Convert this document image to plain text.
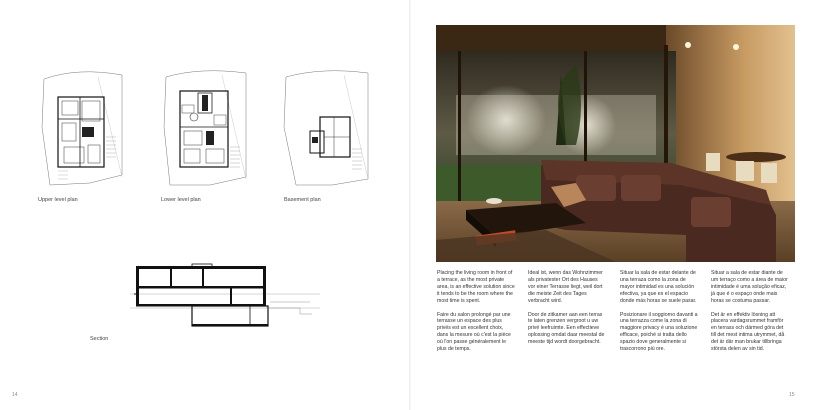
Upper level plan	Lower level plan	Basement plan
Section

Placing the living room in front of a terrace, as the most private area, is an effective solution since it tends to be the room where the most time is spent.

Faire du salon prolongé par une terrasse un espace des plus privés est un excellent choix, dans la mesure où c'est la pièce où l'on passe généralement le plus de temps.

Ideal ist, wenn das Wohnzimmer als privatester Ort des Hauses vor einer Terrasse liegt, weil dort die meiste Zeit des Tages verbracht wird.

Door de zitkamer aan een terras te laten grenzen vergroot u uw privé leefruimte. Een effectieve oplossing omdat daar meestal de meeste tijd wordt doorgebracht.

Situar la sala de estar delante de una terraza como la zona de mayor intimidad es una solución efectiva, ya que es el espacio donde más horas se suele pasar.

Posizionare il soggiorno davanti a una terrazza come la zona di maggiore privacy è una soluzione efficace, poiché si tratta dello spazio dove generalmente si trascorrono più ore.

Situar a sala de estar diante de um terraço como a área de maior intimidade é uma solução eficaz, já que é o espaço onde mais horas se costuma passar.

Det är en effektiv lösning att placera vardagsrummet framför en terrass och därmed göra det till det mest intima utrymmet, då det är där man brukar tillbringa största delen av sin tid.

14	15
